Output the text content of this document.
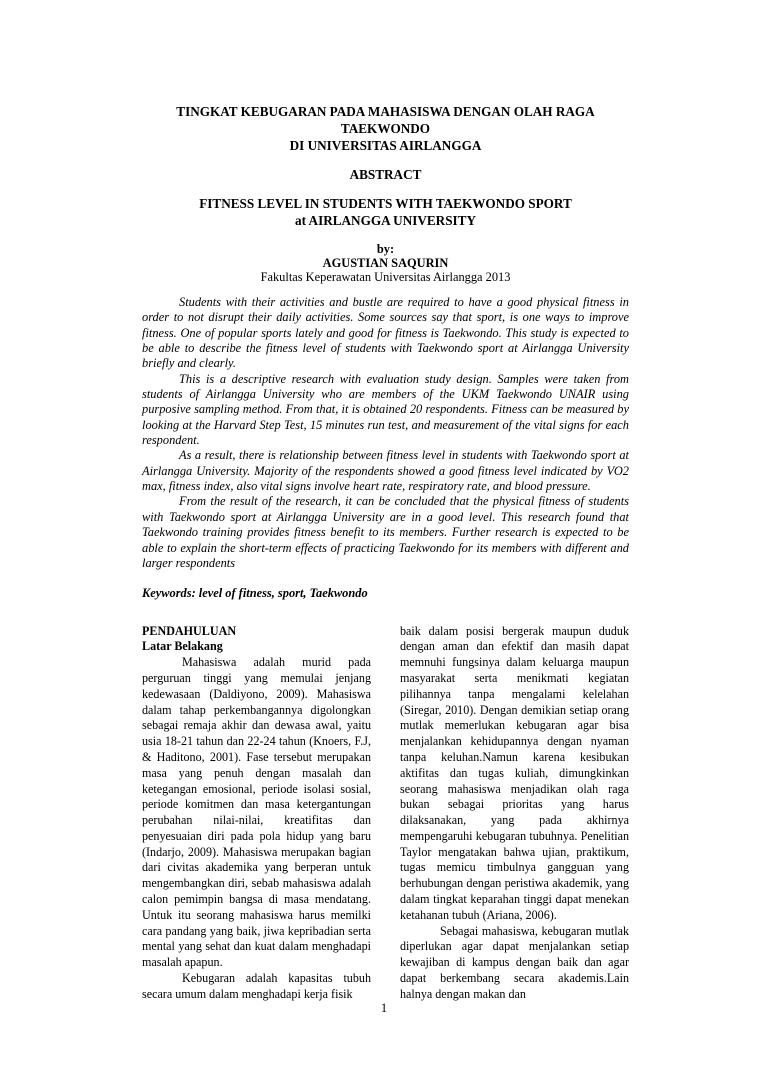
TINGKAT KEBUGARAN PADA MAHASISWA DENGAN OLAH RAGA TAEKWONDO
DI UNIVERSITAS AIRLANGGA
ABSTRACT
FITNESS LEVEL IN STUDENTS WITH TAEKWONDO SPORT
at AIRLANGGA UNIVERSITY
by:
AGUSTIAN SAQURIN
Fakultas Keperawatan Universitas Airlangga 2013

Students with their activities and bustle are required to have a good physical fitness in order to not disrupt their daily activities. Some sources say that sport, is one ways to improve fitness. One of popular sports lately and good for fitness is Taekwondo. This study is expected to be able to describe the fitness level of students with Taekwondo sport at Airlangga University briefly and clearly.

This is a descriptive research with evaluation study design. Samples were taken from students of Airlangga University who are members of the UKM Taekwondo UNAIR using purposive sampling method. From that, it is obtained 20 respondents. Fitness can be measured by looking at the Harvard Step Test, 15 minutes run test, and measurement of the vital signs for each respondent.

As a result, there is relationship between fitness level in students with Taekwondo sport at Airlangga University. Majority of the respondents showed a good fitness level indicated by VO2 max, fitness index, also vital signs involve heart rate, respiratory rate, and blood pressure.

From the result of the research, it can be concluded that the physical fitness of students with Taekwondo sport at Airlangga University are in a good level. This research found that Taekwondo training provides fitness benefit to its members. Further research is expected to be able to explain the short-term effects of practicing Taekwondo for its members with different and larger respondents

Keywords: level of fitness, sport, Taekwondo
PENDAHULUAN
Latar Belakang

Mahasiswa adalah murid pada perguruan tinggi yang memulai jenjang kedewasaan (Daldiyono, 2009). Mahasiswa dalam tahap perkembangannya digolongkan sebagai remaja akhir dan dewasa awal, yaitu usia 18-21 tahun dan 22-24 tahun (Knoers, F.J, & Haditono, 2001). Fase tersebut merupakan masa yang penuh dengan masalah dan ketegangan emosional, periode isolasi sosial, periode komitmen dan masa ketergantungan perubahan nilai-nilai, kreatifitas dan penyesuaian diri pada pola hidup yang baru (Indarjo, 2009). Mahasiswa merupakan bagian dari civitas akademika yang berperan untuk mengembangkan diri, sebab mahasiswa adalah calon pemimpin bangsa di masa mendatang. Untuk itu seorang mahasiswa harus memilki cara pandang yang baik, jiwa kepribadian serta mental yang sehat dan kuat dalam menghadapi masalah apapun.

Kebugaran adalah kapasitas tubuh secara umum dalam menghadapi kerja fisik

baik dalam posisi bergerak maupun duduk dengan aman dan efektif dan masih dapat memnuhi fungsinya dalam keluarga maupun masyarakat serta menikmati kegiatan pilihannya tanpa mengalami kelelahan (Siregar, 2010). Dengan demikian setiap orang mutlak memerlukan kebugaran agar bisa menjalankan kehidupannya dengan nyaman tanpa keluhan.Namun karena kesibukan aktifitas dan tugas kuliah, dimungkinkan seorang mahasiswa menjadikan olah raga bukan sebagai prioritas yang harus dilaksanakan, yang pada akhirnya mempengaruhi kebugaran tubuhnya. Penelitian Taylor mengatakan bahwa ujian, praktikum, tugas memicu timbulnya gangguan yang berhubungan dengan peristiwa akademik, yang dalam tingkat keparahan tinggi dapat menekan ketahanan tubuh (Ariana, 2006).

Sebagai mahasiswa, kebugaran mutlak diperlukan agar dapat menjalankan setiap kewajiban di kampus dengan baik dan agar dapat berkembang secara akademis.Lain halnya dengan makan dan

1
